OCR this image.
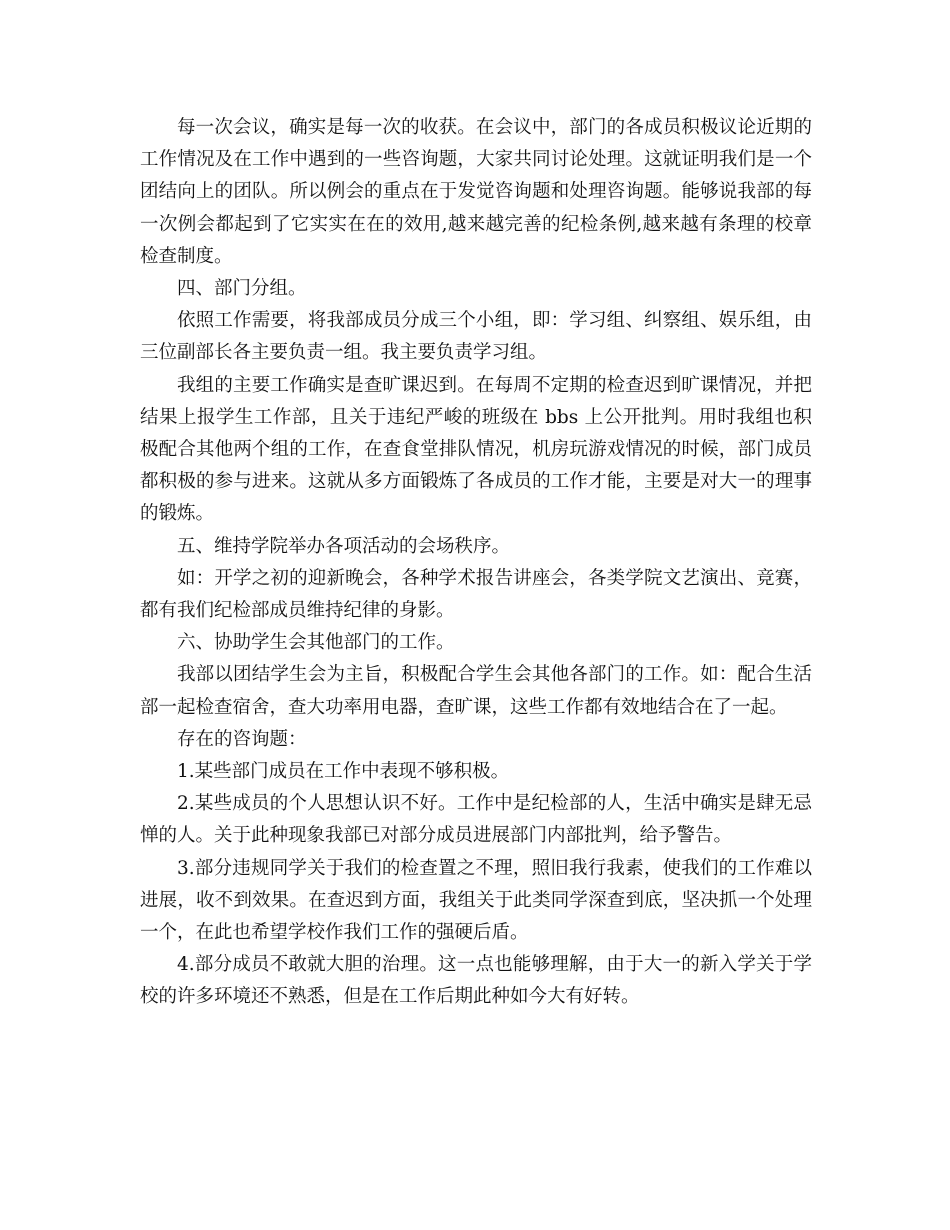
每一次会议，确实是每一次的收获。在会议中，部门的各成员积极议论近期的工作情况及在工作中遇到的一些咨询题，大家共同讨论处理。这就证明我们是一个团结向上的团队。所以例会的重点在于发觉咨询题和处理咨询题。能够说我部的每一次例会都起到了它实实在在的效用,越来越完善的纪检条例,越来越有条理的校章检查制度。

四、部门分组。

依照工作需要，将我部成员分成三个小组，即：学习组、纠察组、娱乐组，由三位副部长各主要负责一组。我主要负责学习组。

我组的主要工作确实是查旷课迟到。在每周不定期的检查迟到旷课情况，并把结果上报学生工作部，且关于违纪严峻的班级在 bbs 上公开批判。用时我组也积极配合其他两个组的工作，在查食堂排队情况，机房玩游戏情况的时候，部门成员都积极的参与进来。这就从多方面锻炼了各成员的工作才能，主要是对大一的理事的锻炼。

五、维持学院举办各项活动的会场秩序。

如：开学之初的迎新晚会，各种学术报告讲座会，各类学院文艺演出、竞赛，都有我们纪检部成员维持纪律的身影。

六、协助学生会其他部门的工作。

我部以团结学生会为主旨，积极配合学生会其他各部门的工作。如：配合生活部一起检查宿舍，查大功率用电器，查旷课，这些工作都有效地结合在了一起。

存在的咨询题：

1.某些部门成员在工作中表现不够积极。

2.某些成员的个人思想认识不好。工作中是纪检部的人，生活中确实是肆无忌惮的人。关于此种现象我部已对部分成员进展部门内部批判，给予警告。

3.部分违规同学关于我们的检查置之不理，照旧我行我素，使我们的工作难以进展，收不到效果。在查迟到方面，我组关于此类同学深查到底，坚决抓一个处理一个，在此也希望学校作我们工作的强硬后盾。

4.部分成员不敢就大胆的治理。这一点也能够理解，由于大一的新入学关于学校的许多环境还不熟悉，但是在工作后期此种如今大有好转。
